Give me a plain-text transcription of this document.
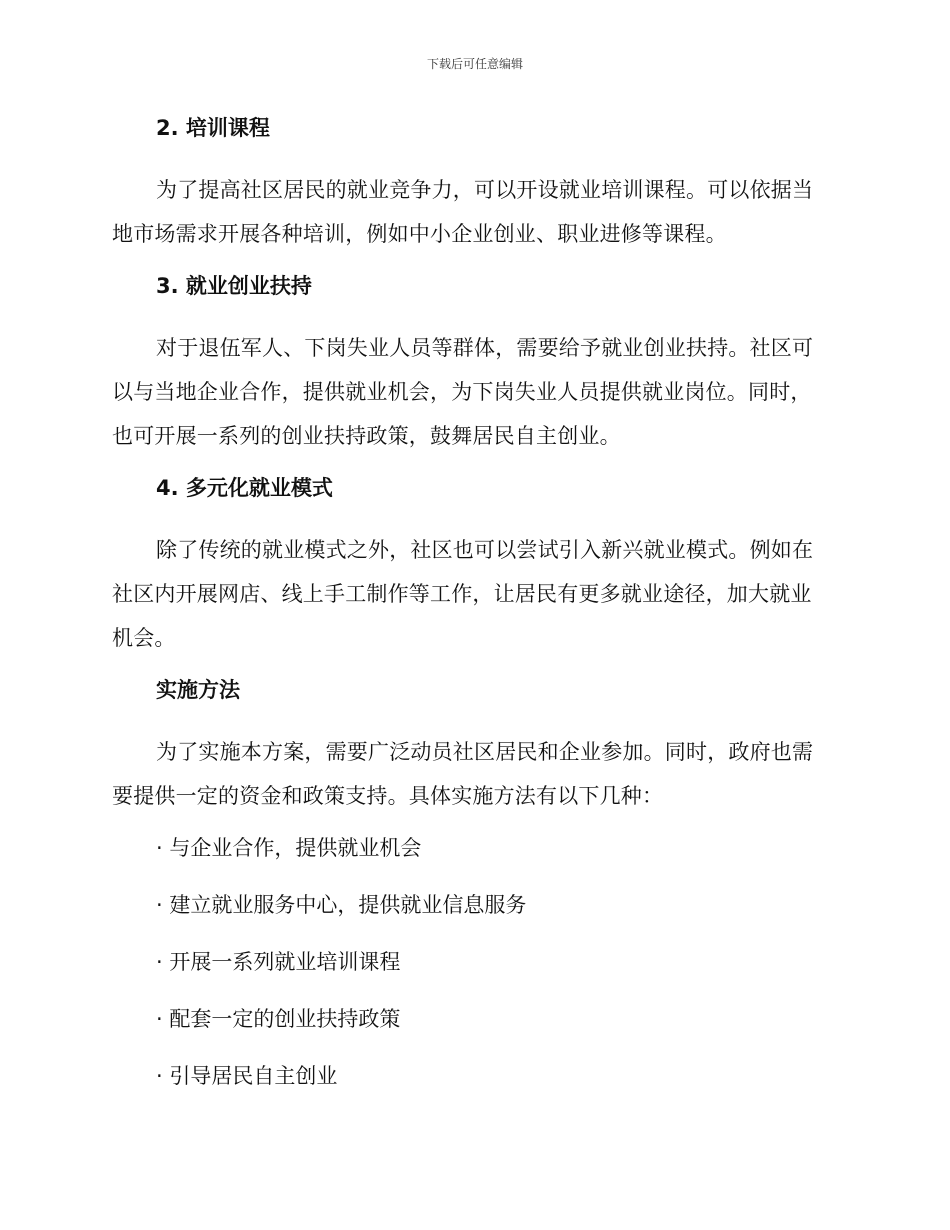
下载后可任意编辑
2. 培训课程

为了提高社区居民的就业竞争力，可以开设就业培训课程。可以依据当地市场需求开展各种培训，例如中小企业创业、职业进修等课程。

3. 就业创业扶持

对于退伍军人、下岗失业人员等群体，需要给予就业创业扶持。社区可以与当地企业合作，提供就业机会，为下岗失业人员提供就业岗位。同时，也可开展一系列的创业扶持政策，鼓舞居民自主创业。

4. 多元化就业模式

除了传统的就业模式之外，社区也可以尝试引入新兴就业模式。例如在社区内开展网店、线上手工制作等工作，让居民有更多就业途径，加大就业机会。

实施方法

为了实施本方案，需要广泛动员社区居民和企业参加。同时，政府也需要提供一定的资金和政策支持。具体实施方法有以下几种：

· 与企业合作，提供就业机会
· 建立就业服务中心，提供就业信息服务
· 开展一系列就业培训课程
· 配套一定的创业扶持政策
· 引导居民自主创业
